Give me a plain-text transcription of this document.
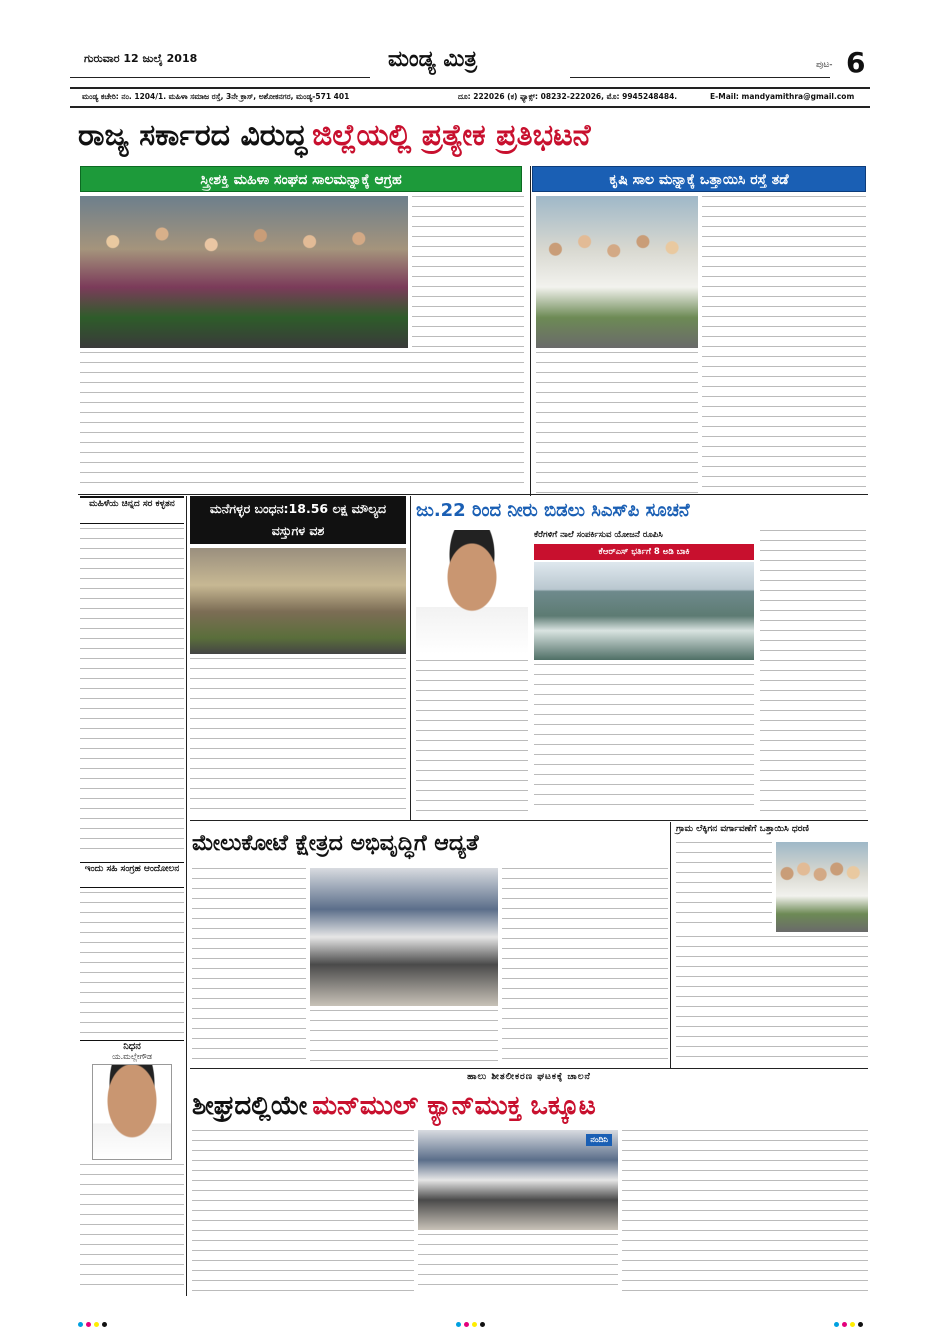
ಗುರುವಾರ 12 ಜುಲೈ 2018	ಮಂಡ್ಯ ಮಿತ್ರ	ಪುಟ- 6
ಮಂಡ್ಯ ಕಚೇರಿ: ನಂ. 1204/1. ಮಹಿಳಾ ಸಮಾಜ ರಸ್ತೆ, 3ನೇ ಕ್ರಾಸ್, ಅಶೋಕನಗರ, ಮಂಡ್ಯ-571 401	ದೂ: 222026 (ಕ) ಫ್ಯಾಕ್ಸ್: 08232-222026, ಮೊ: 9945248484.	E-Mail: mandyamithra@gmail.com
ರಾಜ್ಯ ಸರ್ಕಾರದ ವಿರುದ್ಧ ಜಿಲ್ಲೆಯಲ್ಲಿ ಪ್ರತ್ಯೇಕ ಪ್ರತಿಭಟನೆ
ಸ್ತ್ರೀಶಕ್ತಿ ಮಹಿಳಾ ಸಂಘದ ಸಾಲಮನ್ನಾಕ್ಕೆ ಆಗ್ರಹ	ಕೃಷಿ ಸಾಲ ಮನ್ನಾಕ್ಕೆ ಒತ್ತಾಯಿಸಿ ರಸ್ತೆ ತಡೆ
ಮಹಿಳೆಯ ಚಿನ್ನದ ಸರ ಕಳ್ಳತನ
ಇಂದು ಸಹಿ ಸಂಗ್ರಹ ಆಂದೋಲನ
ನಿಧನ
ಯ.ಮಲ್ಲೇಗೌಡ
ಮನೆಗಳ್ಳರ ಬಂಧನ:18.56 ಲಕ್ಷ ಮೌಲ್ಯದ ವಸ್ತುಗಳ ವಶ
ಜು.22 ರಿಂದ ನೀರು ಬಿಡಲು ಸಿಎಸ್‌ಪಿ ಸೂಚನೆ
ಕೆರೆಗಳಿಗೆ ನಾಲೆ ಸಂಪರ್ಕಿಸುವ ಯೋಜನೆ ರೂಪಿಸಿ
ಕೆಆರ್‌ಎಸ್ ಭರ್ತಿಗೆ 8 ಅಡಿ ಬಾಕಿ
ಮೇಲುಕೋಟೆ ಕ್ಷೇತ್ರದ ಅಭಿವೃದ್ಧಿಗೆ ಆದ್ಯತೆ
ಗ್ರಾಮ ಲೆಕ್ಕಿಗನ ವರ್ಗಾವಣೆಗೆ ಒತ್ತಾಯಿಸಿ ಧರಣಿ
ಹಾಲು ಶೀತಲೀಕರಣ ಘಟಕಕ್ಕೆ ಚಾಲನೆ
ಶೀಘ್ರದಲ್ಲಿಯೇ ಮನ್‌ಮುಲ್ ಕ್ಯಾನ್‌ಮುಕ್ತ ಒಕ್ಕೂಟ
ನಂದಿನಿ
